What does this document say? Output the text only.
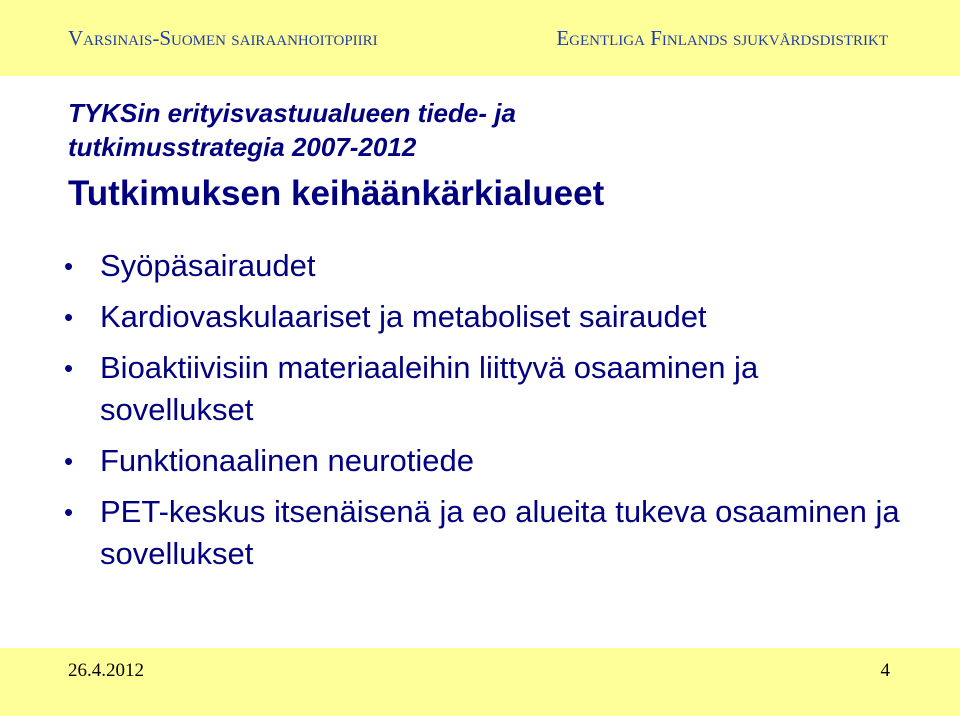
Varsinais-Suomen sairaanhoitopiiri	Egentliga Finlands sjukvårdsdistrikt
TYKSin erityisvastuualueen tiede- ja
tutkimusstrategia 2007-2012
Tutkimuksen keihäänkärkialueet
• Syöpäsairaudet
• Kardiovaskulaariset ja metaboliset sairaudet
• Bioaktiivisiin materiaaleihin liittyvä osaaminen ja sovellukset
• Funktionaalinen neurotiede
• PET-keskus itsenäisenä ja eo alueita tukeva osaaminen ja sovellukset
26.4.2012	4
